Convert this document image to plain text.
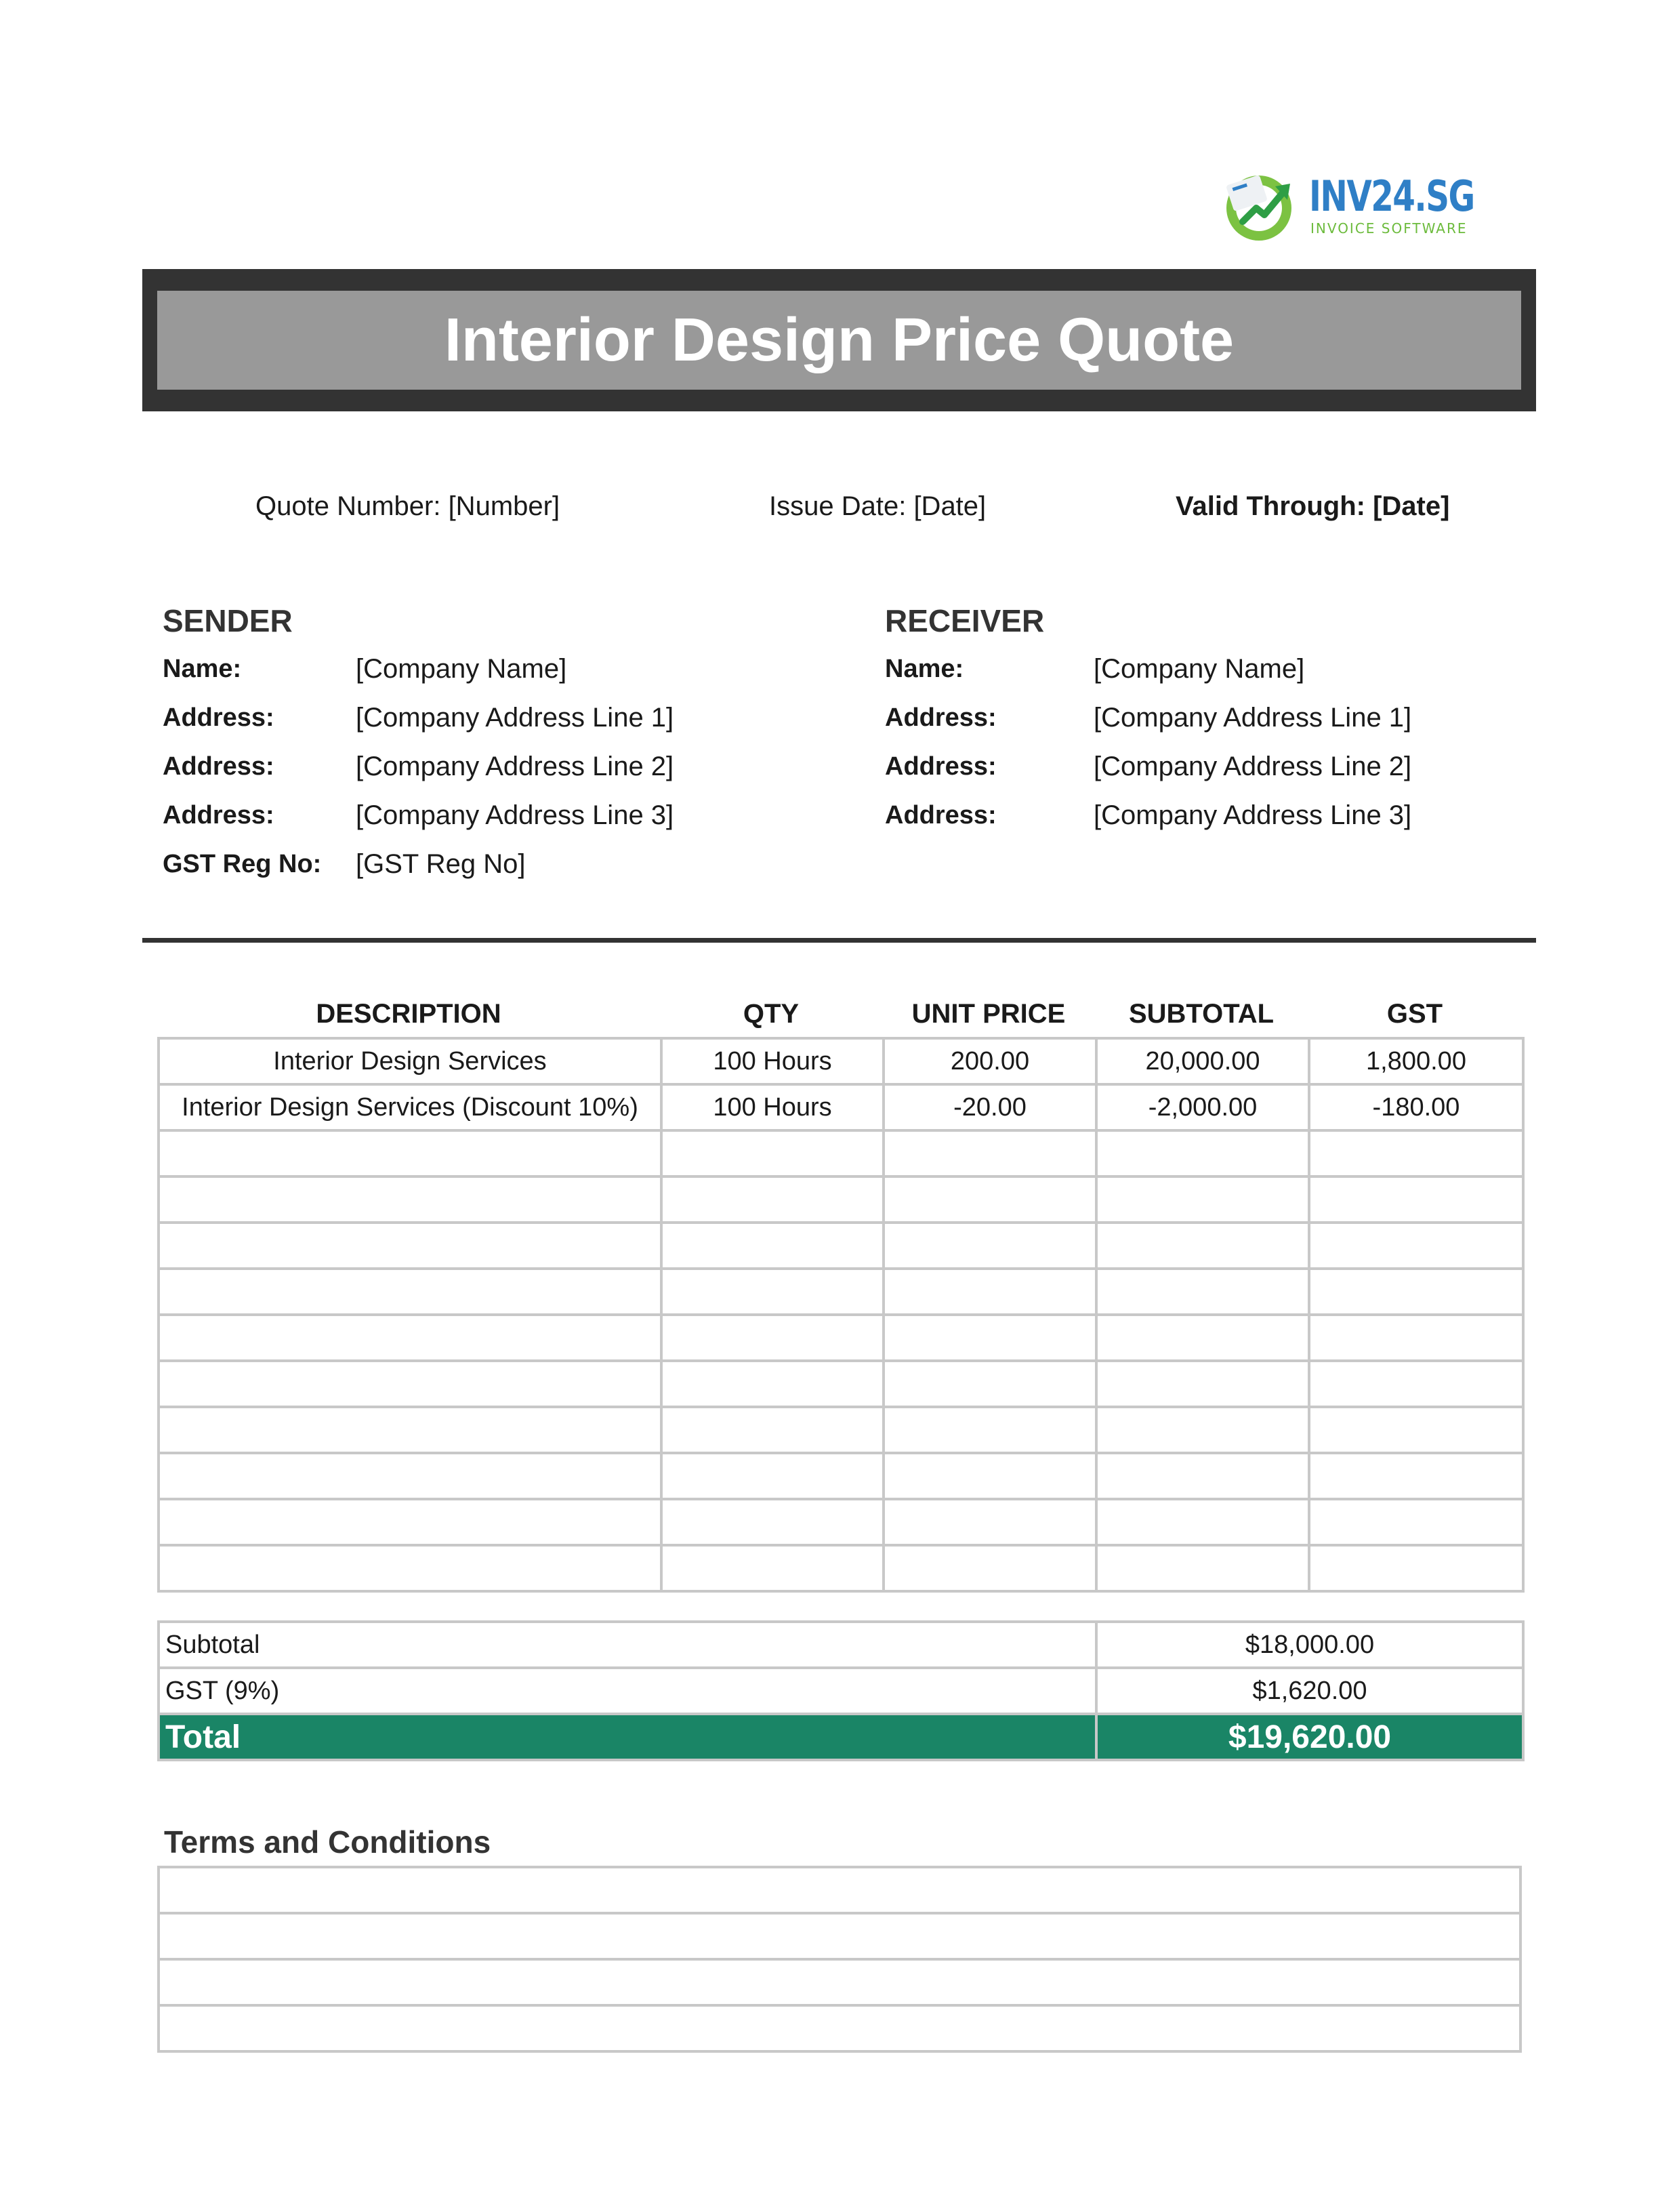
INV24.SG
INVOICE SOFTWARE
Interior Design Price Quote
Quote Number: [Number]	Issue Date: [Date]	Valid Through: [Date]
SENDER
Name:	[Company Name]
Address:	[Company Address Line 1]
Address:	[Company Address Line 2]
Address:	[Company Address Line 3]
GST Reg No: [GST Reg No]
RECEIVER
Name:	[Company Name]
Address:	[Company Address Line 1]
Address:	[Company Address Line 2]
Address:	[Company Address Line 3]
DESCRIPTION	QTY	UNIT PRICE	SUBTOTAL	GST
Interior Design Services	100 Hours	200.00	20,000.00	1,800.00
Interior Design Services (Discount 10%)	100 Hours	-20.00	-2,000.00	-180.00

Subtotal	$18,000.00
GST (9%)	$1,620.00
Total	$19,620.00
Terms and Conditions
